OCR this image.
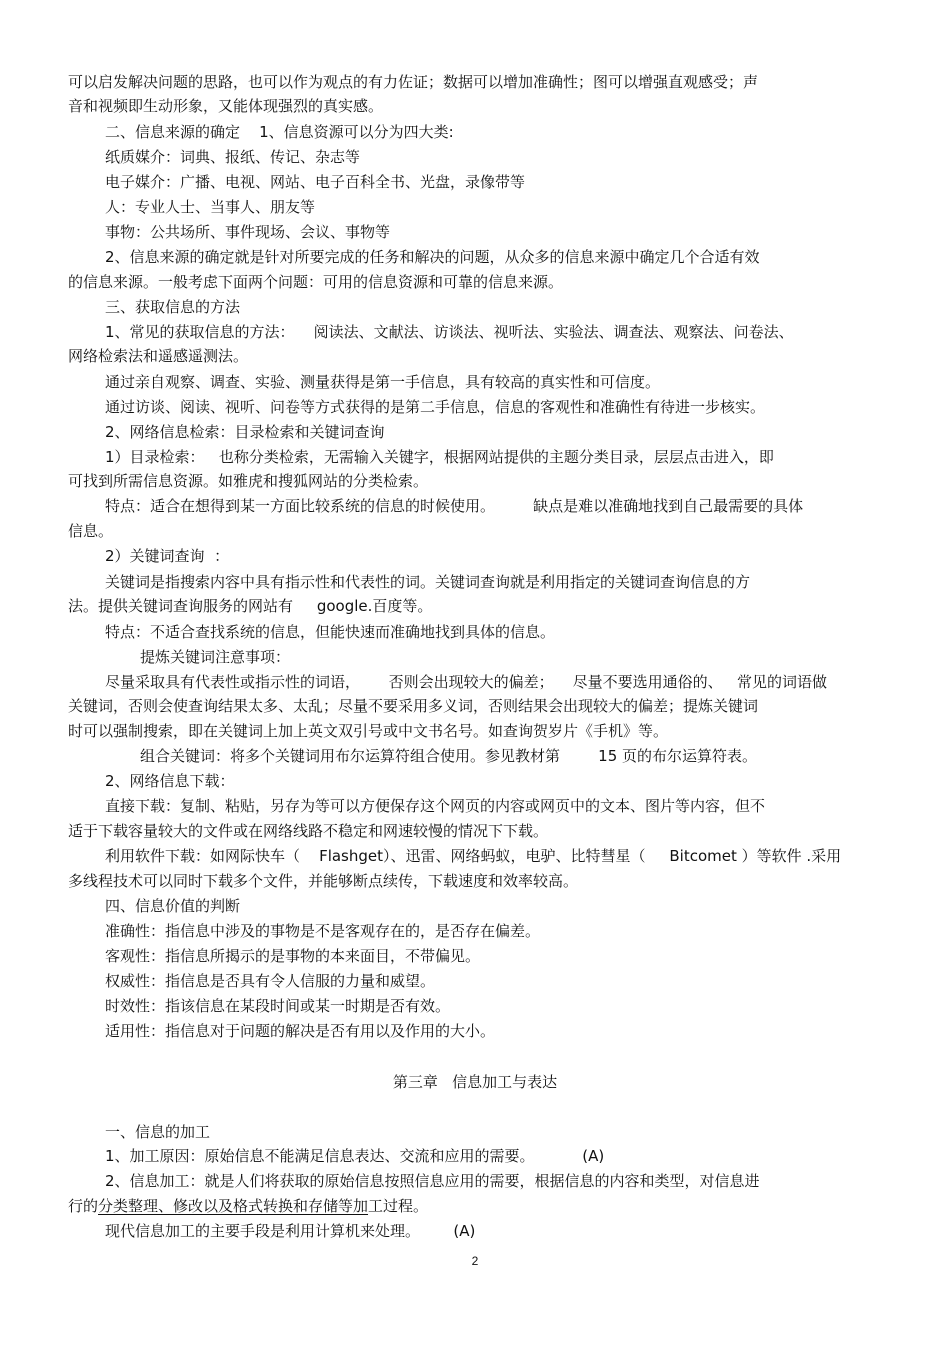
可以启发解决问题的思路，也可以作为观点的有力佐证；数据可以增加准确性；图可以增强直观感受；声
音和视频即生动形象，又能体现强烈的真实感。
二、信息来源的确定    1、信息资源可以分为四大类:
纸质媒介：词典、报纸、传记、杂志等
电子媒介：广播、电视、网站、电子百科全书、光盘，录像带等
人：专业人士、当事人、朋友等
事物：公共场所、事件现场、会议、事物等
2、信息来源的确定就是针对所要完成的任务和解决的问题，从众多的信息来源中确定几个合适有效
的信息来源。一般考虑下面两个问题：可用的信息资源和可靠的信息来源。
三、获取信息的方法
1、常见的获取信息的方法：    阅读法、文献法、访谈法、视听法、实验法、调查法、观察法、问卷法、
网络检索法和遥感遥测法。
通过亲自观察、调查、实验、测量获得是第一手信息，具有较高的真实性和可信度。
通过访谈、阅读、视听、问卷等方式获得的是第二手信息，信息的客观性和准确性有待进一步核实。
2、网络信息检索：目录检索和关键词查询
1）目录检索：   也称分类检索，无需输入关键字，根据网站提供的主题分类目录，层层点击进入，即
可找到所需信息资源。如雅虎和搜狐网站的分类检索。
特点：适合在想得到某一方面比较系统的信息的时候使用。        缺点是难以准确地找到自己最需要的具体
信息。
2）关键词查询  ：
关键词是指搜索内容中具有指示性和代表性的词。关键词查询就是利用指定的关键词查询信息的方
法。提供关键词查询服务的网站有     google.百度等。
特点：不适合查找系统的信息，但能快速而准确地找到具体的信息。
提炼关键词注意事项：
尽量采取具有代表性或指示性的词语，      否则会出现较大的偏差；    尽量不要选用通俗的、   常见的词语做
关键词，否则会使查询结果太多、太乱；尽量不要采用多义词，否则结果会出现较大的偏差；提炼关键词
时可以强制搜索，即在关键词上加上英文双引号或中文书名号。如查询贺岁片《手机》等。
组合关键词：将多个关键词用布尔运算符组合使用。参见教材第        15 页的布尔运算符表。
2、网络信息下载：
直接下载：复制、粘贴，另存为等可以方便保存这个网页的内容或网页中的文本、图片等内容，但不
适于下载容量较大的文件或在网络线路不稳定和网速较慢的情况下下载。
利用软件下载：如网际快车（    Flashget）、迅雷、网络蚂蚁，电驴、比特彗星（     Bitcomet ）等软件 .采用
多线程技术可以同时下载多个文件，并能够断点续传，下载速度和效率较高。
四、信息价值的判断
准确性：指信息中涉及的事物是不是客观存在的，是否存在偏差。
客观性：指信息所揭示的是事物的本来面目，不带偏见。
权威性：指信息是否具有令人信服的力量和威望。
时效性：指该信息在某段时间或某一时期是否有效。
适用性：指信息对于问题的解决是否有用以及作用的大小。
第三章   信息加工与表达
一、信息的加工
1、加工原因：原始信息不能满足信息表达、交流和应用的需要。          (A)
2、信息加工：就是人们将获取的原始信息按照信息应用的需要，根据信息的内容和类型，对信息进
行的分类整理、修改以及格式转换和存储等加工过程。
现代信息加工的主要手段是利用计算机来处理。       (A)
2
